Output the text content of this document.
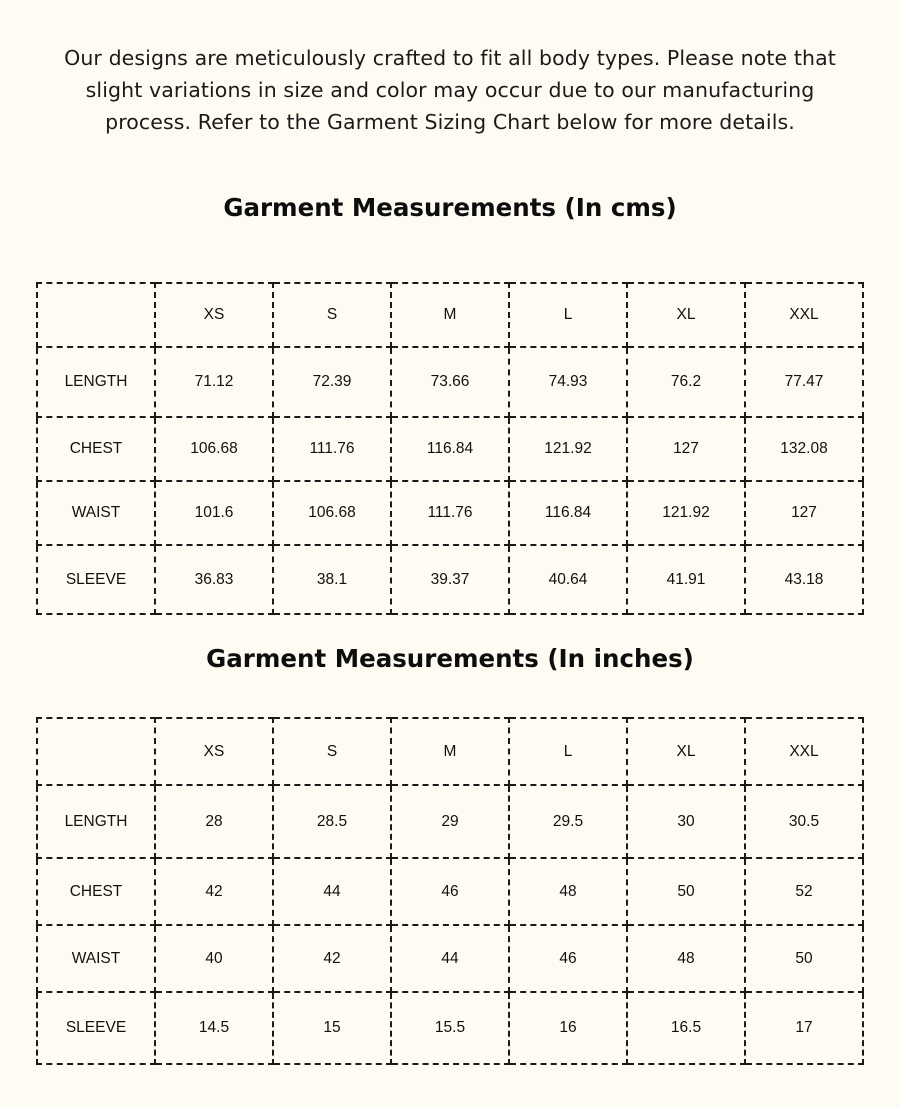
Our designs are meticulously crafted to fit all body types. Please note that slight variations in size and color may occur due to our manufacturing process. Refer to the Garment Sizing Chart below for more details.

Garment Measurements (In cms)
	XS	S	M	L	XL	XXL
LENGTH	71.12	72.39	73.66	74.93	76.2	77.47
CHEST	106.68	111.76	116.84	121.92	127	132.08
WAIST	101.6	106.68	111.76	116.84	121.92	127
SLEEVE	36.83	38.1	39.37	40.64	41.91	43.18
Garment Measurements (In inches)
	XS	S	M	L	XL	XXL
LENGTH	28	28.5	29	29.5	30	30.5
CHEST	42	44	46	48	50	52
WAIST	40	42	44	46	48	50
SLEEVE	14.5	15	15.5	16	16.5	17
